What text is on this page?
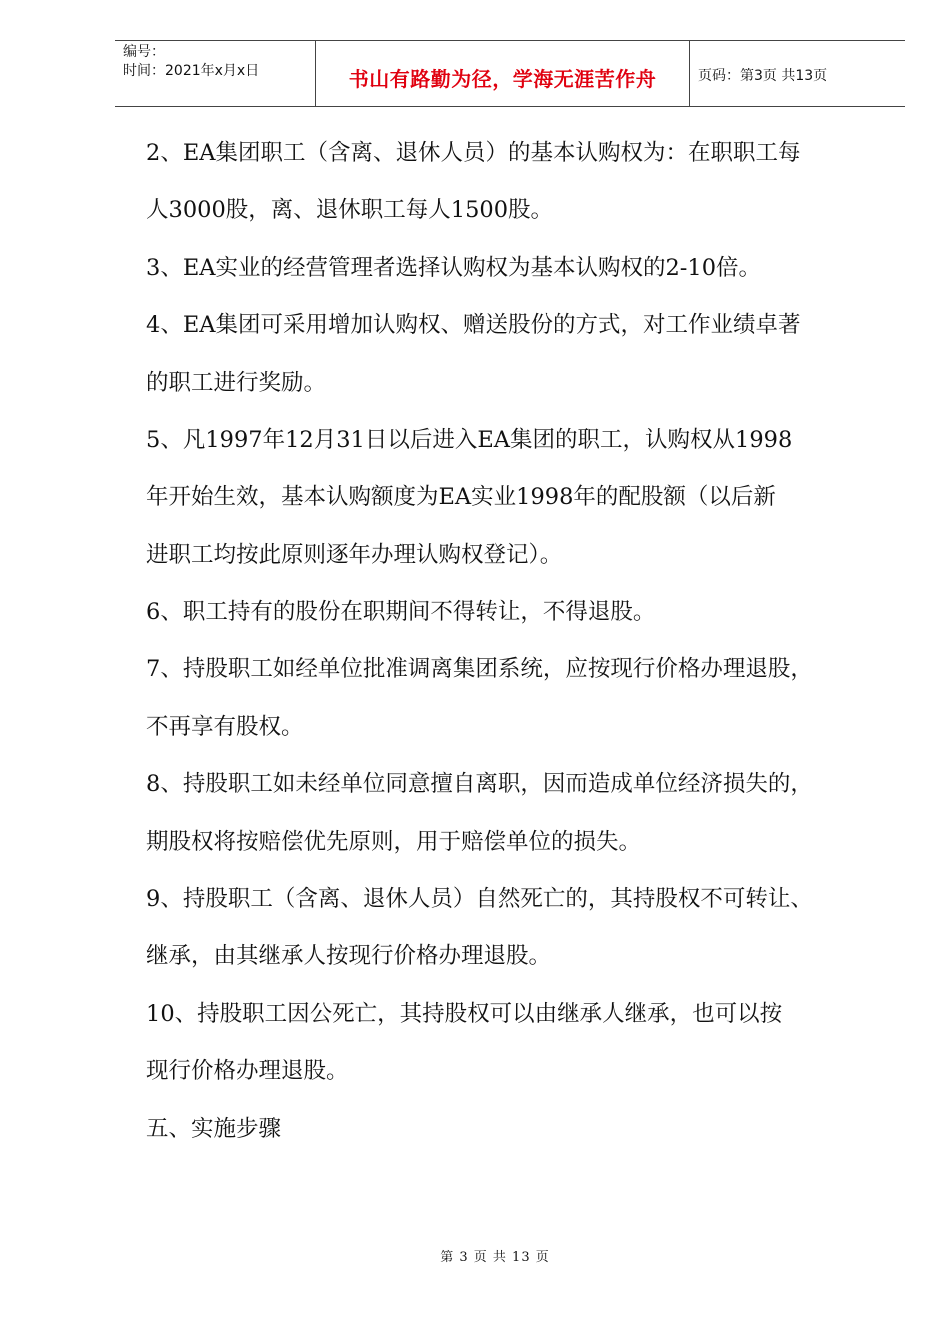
编号：
时间：2021年x月x日	书山有路勤为径，学海无涯苦作舟	页码：第3页 共13页
2、EA集团职工（含离、退休人员）的基本认购权为：在职职工每
人3000股，离、退休职工每人1500股。
3、EA实业的经营管理者选择认购权为基本认购权的2-10倍。
4、EA集团可采用增加认购权、赠送股份的方式，对工作业绩卓著
的职工进行奖励。
5、凡1997年12月31日以后进入EA集团的职工，认购权从1998
年开始生效，基本认购额度为EA实业1998年的配股额（以后新
进职工均按此原则逐年办理认购权登记）。
6、职工持有的股份在职期间不得转让，不得退股。
7、持股职工如经单位批准调离集团系统，应按现行价格办理退股，
不再享有股权。
8、持股职工如未经单位同意擅自离职，因而造成单位经济损失的，
期股权将按赔偿优先原则，用于赔偿单位的损失。
9、持股职工（含离、退休人员）自然死亡的，其持股权不可转让、
继承，由其继承人按现行价格办理退股。
10、持股职工因公死亡，其持股权可以由继承人继承，也可以按
现行价格办理退股。
五、实施步骤
第 3 页 共 13 页
